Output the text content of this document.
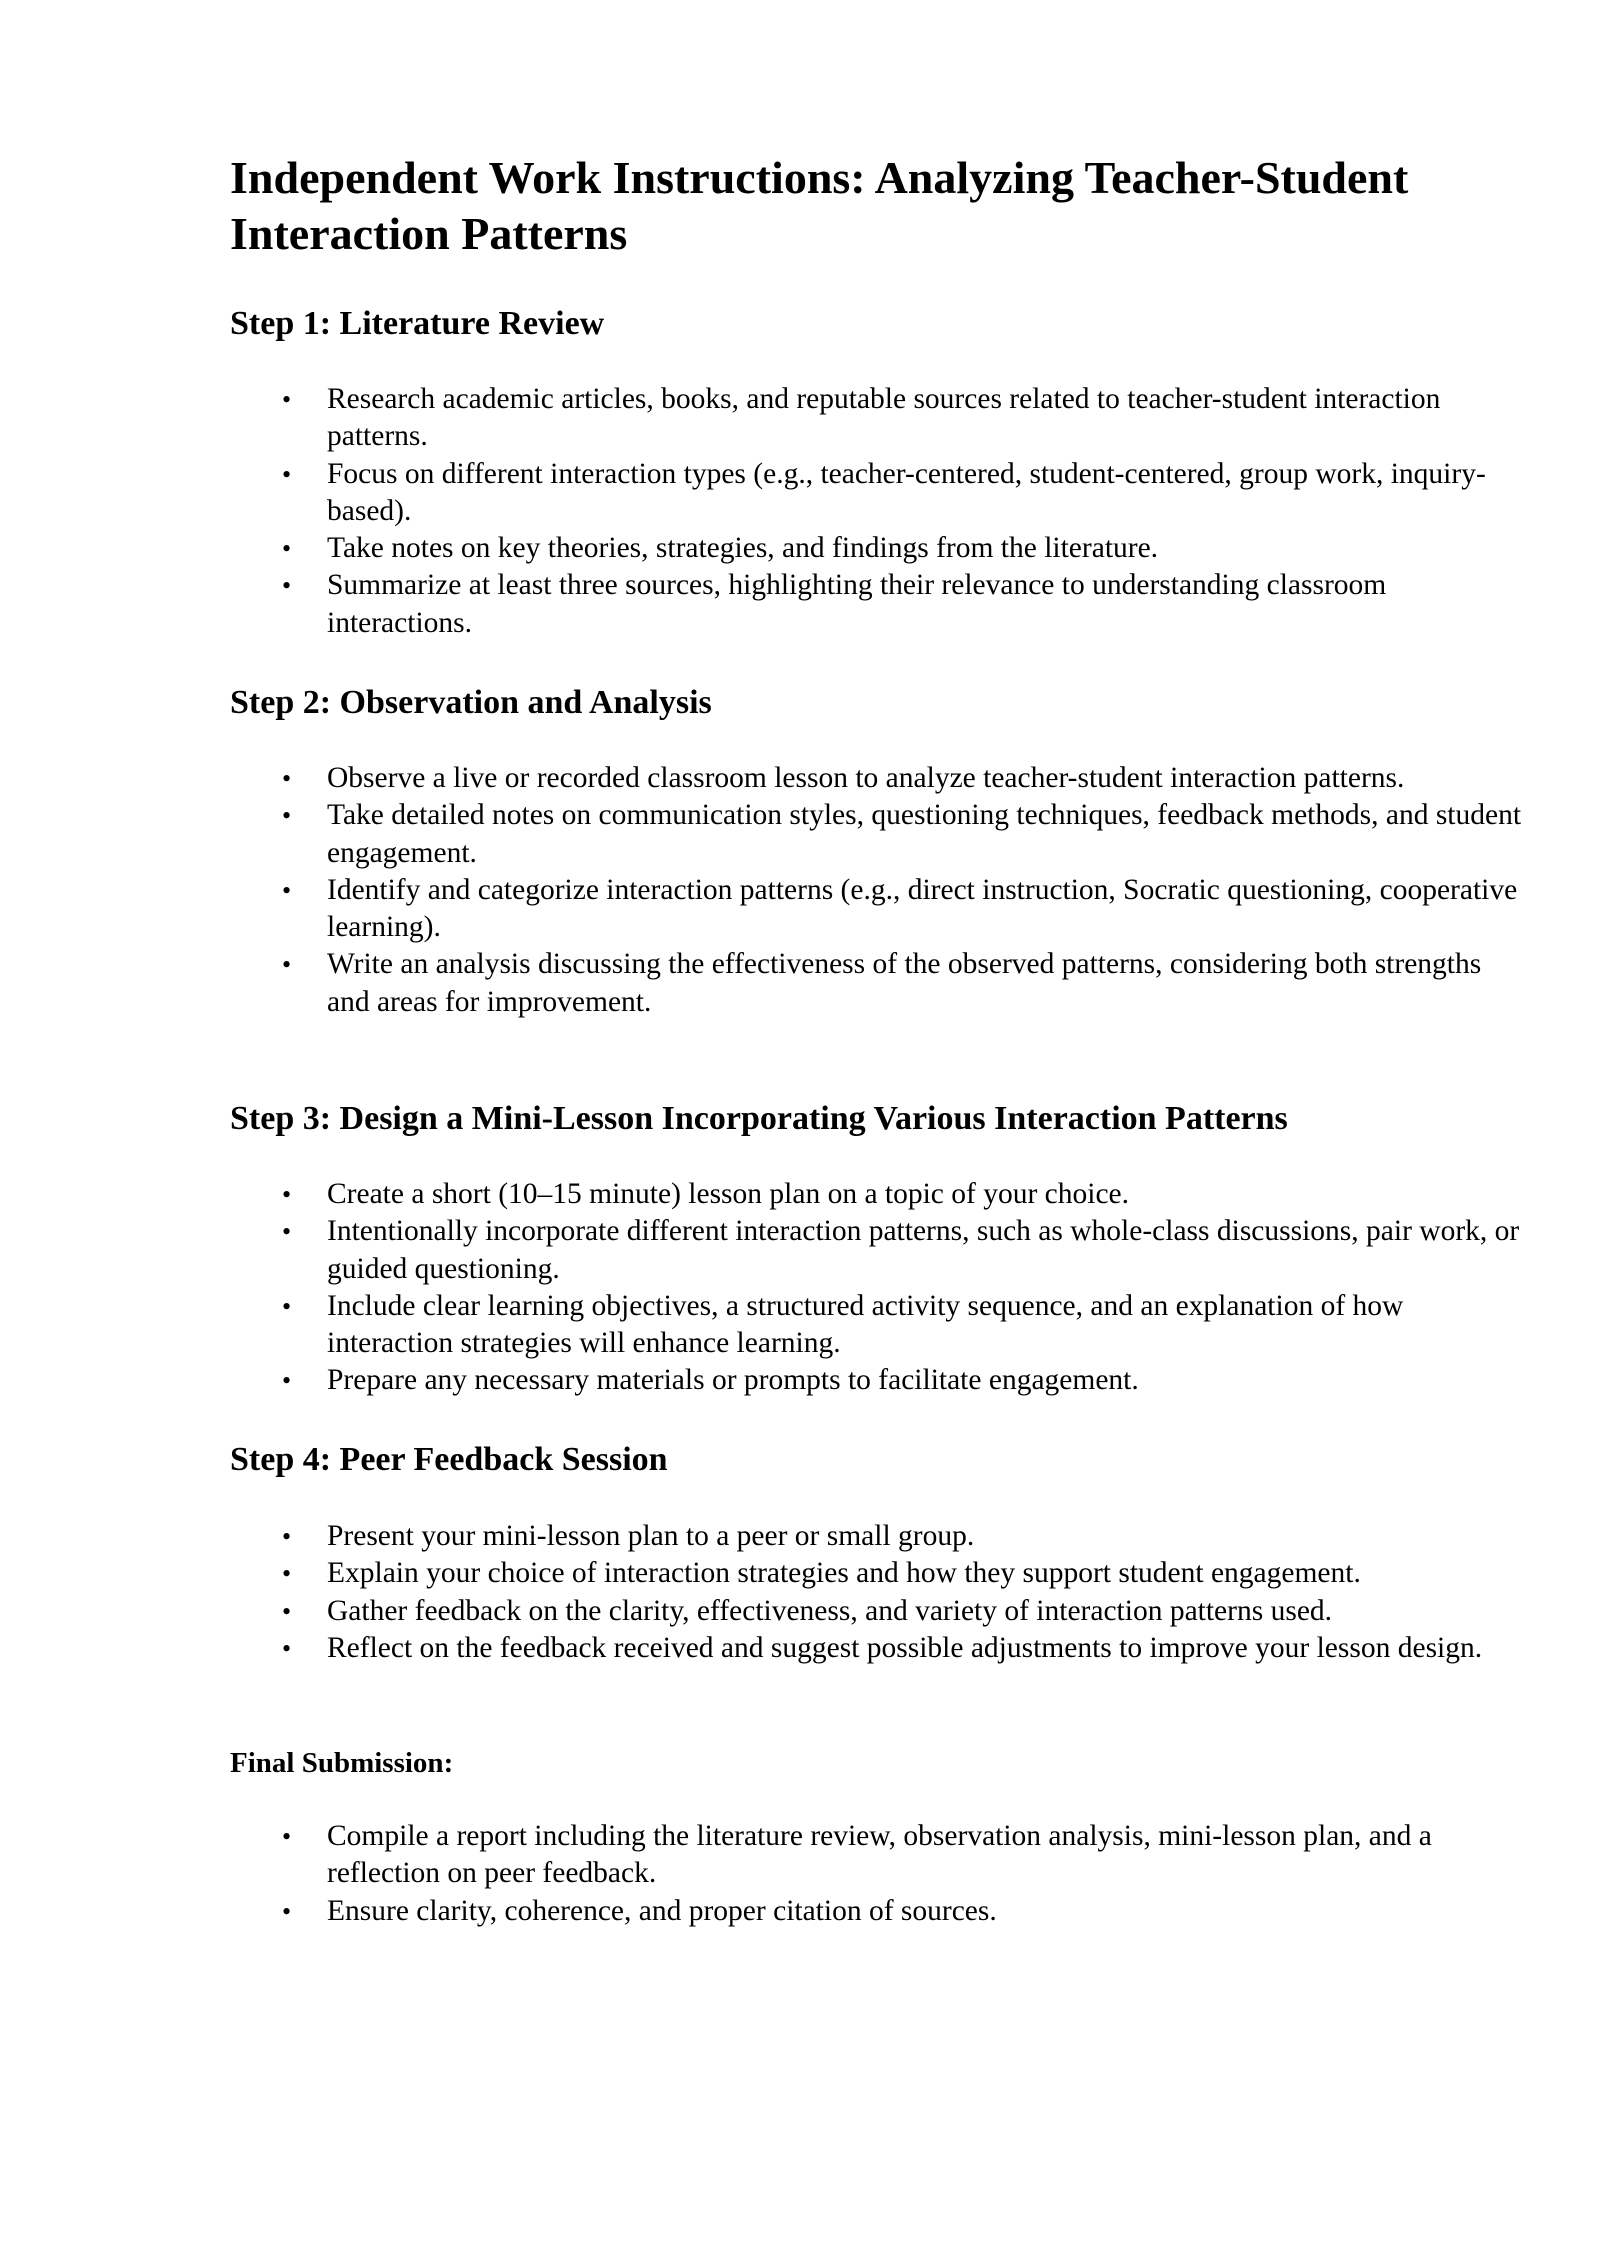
Independent Work Instructions: Analyzing Teacher-Student Interaction Patterns
Step 1: Literature Review
• Research academic articles, books, and reputable sources related to teacher-student interaction patterns.
• Focus on different interaction types (e.g., teacher-centered, student-centered, group work, inquiry-based).
• Take notes on key theories, strategies, and findings from the literature.
• Summarize at least three sources, highlighting their relevance to understanding classroom interactions.
Step 2: Observation and Analysis
• Observe a live or recorded classroom lesson to analyze teacher-student interaction patterns.
• Take detailed notes on communication styles, questioning techniques, feedback methods, and student engagement.
• Identify and categorize interaction patterns (e.g., direct instruction, Socratic questioning, cooperative learning).
• Write an analysis discussing the effectiveness of the observed patterns, considering both strengths and areas for improvement.
Step 3: Design a Mini-Lesson Incorporating Various Interaction Patterns
• Create a short (10–15 minute) lesson plan on a topic of your choice.
• Intentionally incorporate different interaction patterns, such as whole-class discussions, pair work, or guided questioning.
• Include clear learning objectives, a structured activity sequence, and an explanation of how interaction strategies will enhance learning.
• Prepare any necessary materials or prompts to facilitate engagement.
Step 4: Peer Feedback Session
• Present your mini-lesson plan to a peer or small group.
• Explain your choice of interaction strategies and how they support student engagement.
• Gather feedback on the clarity, effectiveness, and variety of interaction patterns used.
• Reflect on the feedback received and suggest possible adjustments to improve your lesson design.
Final Submission:
• Compile a report including the literature review, observation analysis, mini-lesson plan, and a reflection on peer feedback.
• Ensure clarity, coherence, and proper citation of sources.
